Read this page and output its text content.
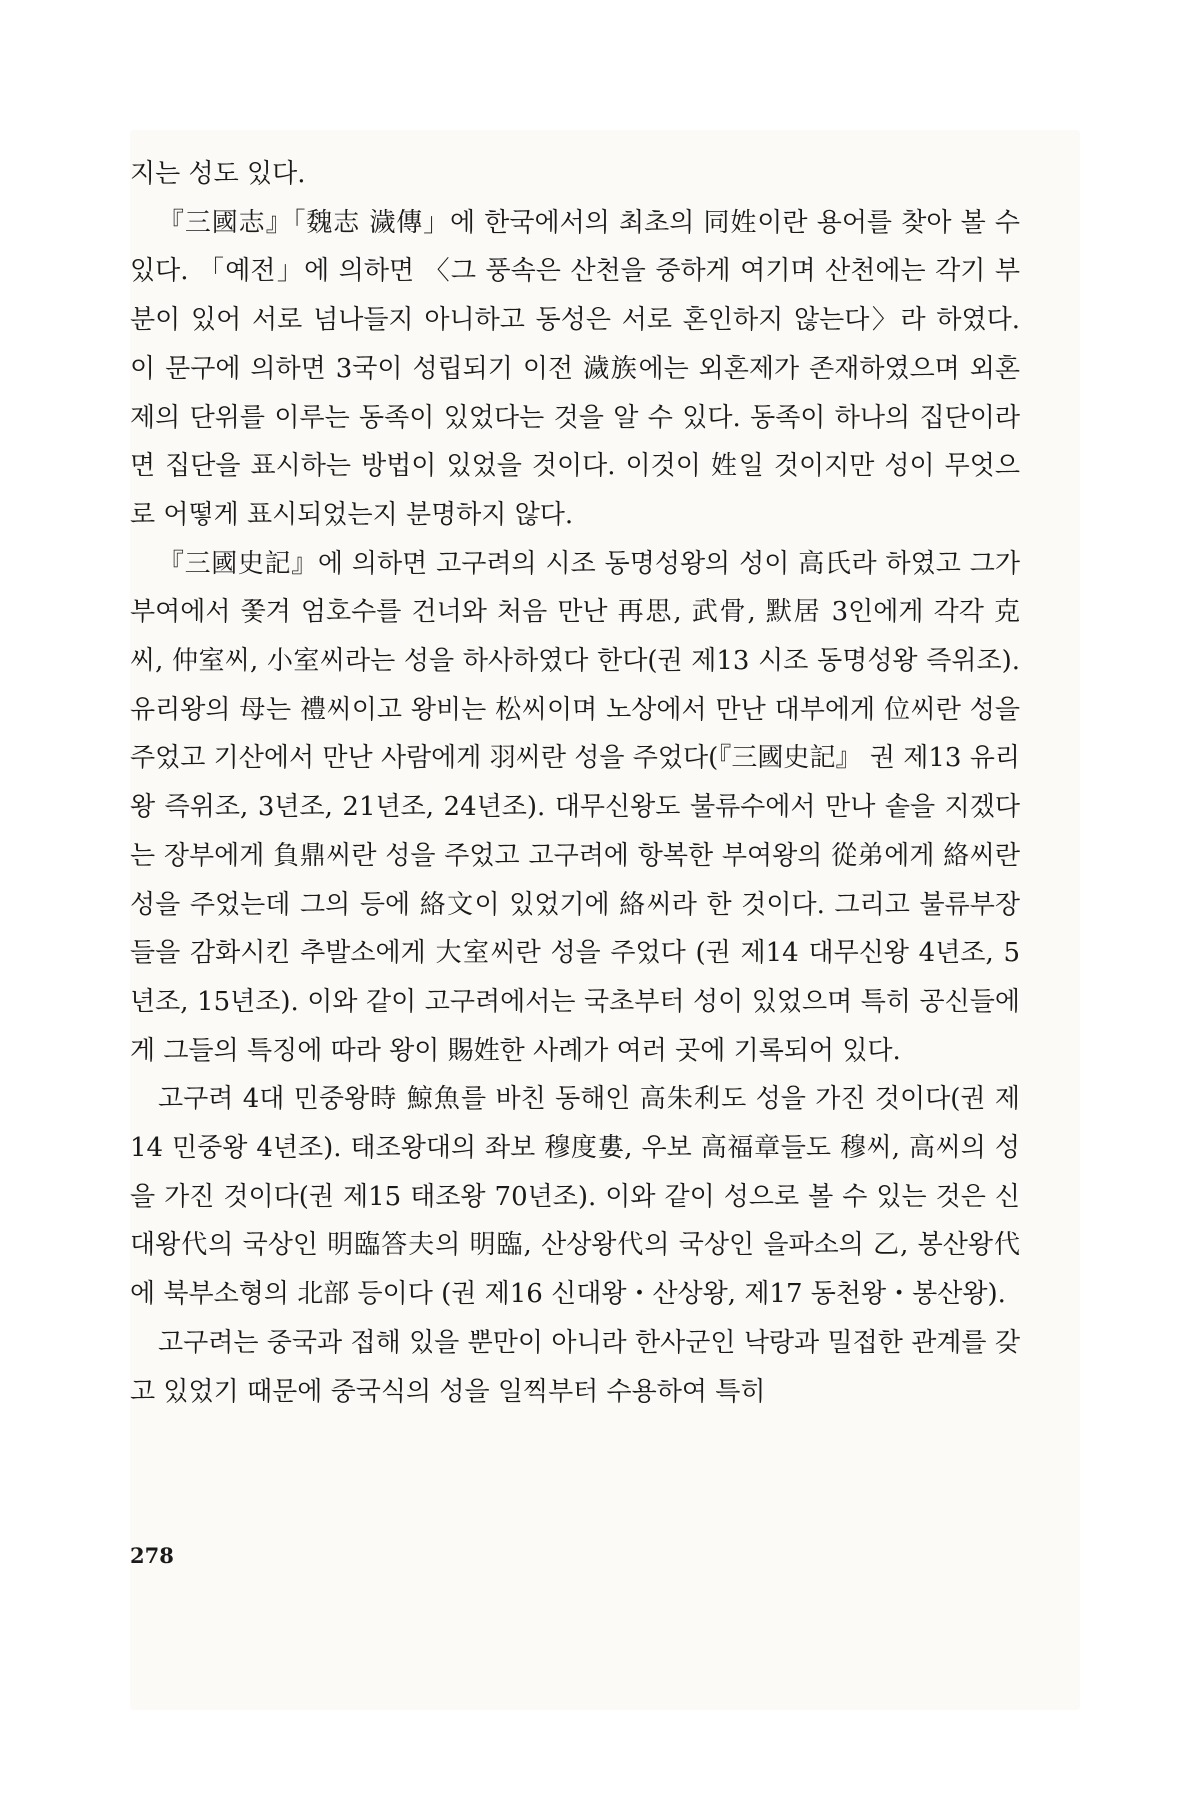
지는 성도 있다.

『三國志』「魏志 濊傳」에 한국에서의 최초의 同姓이란 용어를 찾아 볼 수 있다. 「예전」에 의하면 〈그 풍속은 산천을 중하게 여기며 산천에는 각기 부분이 있어 서로 넘나들지 아니하고 동성은 서로 혼인하지 않는다〉라 하였다. 이 문구에 의하면 3국이 성립되기 이전 濊族에는 외혼제가 존재하였으며 외혼제의 단위를 이루는 동족이 있었다는 것을 알 수 있다. 동족이 하나의 집단이라면 집단을 표시하는 방법이 있었을 것이다. 이것이 姓일 것이지만 성이 무엇으로 어떻게 표시되었는지 분명하지 않다.

『三國史記』에 의하면 고구려의 시조 동명성왕의 성이 高氏라 하였고 그가 부여에서 쫓겨 엄호수를 건너와 처음 만난 再思, 武骨, 默居 3인에게 각각 克씨, 仲室씨, 小室씨라는 성을 하사하였다 한다(권 제13 시조 동명성왕 즉위조). 유리왕의 母는 禮씨이고 왕비는 松씨이며 노상에서 만난 대부에게 位씨란 성을 주었고 기산에서 만난 사람에게 羽씨란 성을 주었다(『三國史記』 권 제13 유리왕 즉위조, 3년조, 21년조, 24년조). 대무신왕도 불류수에서 만나 솥을 지겠다는 장부에게 負鼎씨란 성을 주었고 고구려에 항복한 부여왕의 從弟에게 絡씨란 성을 주었는데 그의 등에 絡文이 있었기에 絡씨라 한 것이다. 그리고 불류부장들을 감화시킨 추발소에게 大室씨란 성을 주었다 (권 제14 대무신왕 4년조, 5년조, 15년조). 이와 같이 고구려에서는 국초부터 성이 있었으며 특히 공신들에게 그들의 특징에 따라 왕이 賜姓한 사례가 여러 곳에 기록되어 있다.

고구려 4대 민중왕時 鯨魚를 바친 동해인 高朱利도 성을 가진 것이다(권 제14 민중왕 4년조). 태조왕대의 좌보 穆度婁, 우보 高福章들도 穆씨, 高씨의 성을 가진 것이다(권 제15 태조왕 70년조). 이와 같이 성으로 볼 수 있는 것은 신대왕代의 국상인 明臨答夫의 明臨, 산상왕代의 국상인 을파소의 乙, 봉산왕代에 북부소형의 北部 등이다 (권 제16 신대왕・산상왕, 제17 동천왕・봉산왕).

고구려는 중국과 접해 있을 뿐만이 아니라 한사군인 낙랑과 밀접한 관계를 갖고 있었기 때문에 중국식의 성을 일찍부터 수용하여 특히

278
